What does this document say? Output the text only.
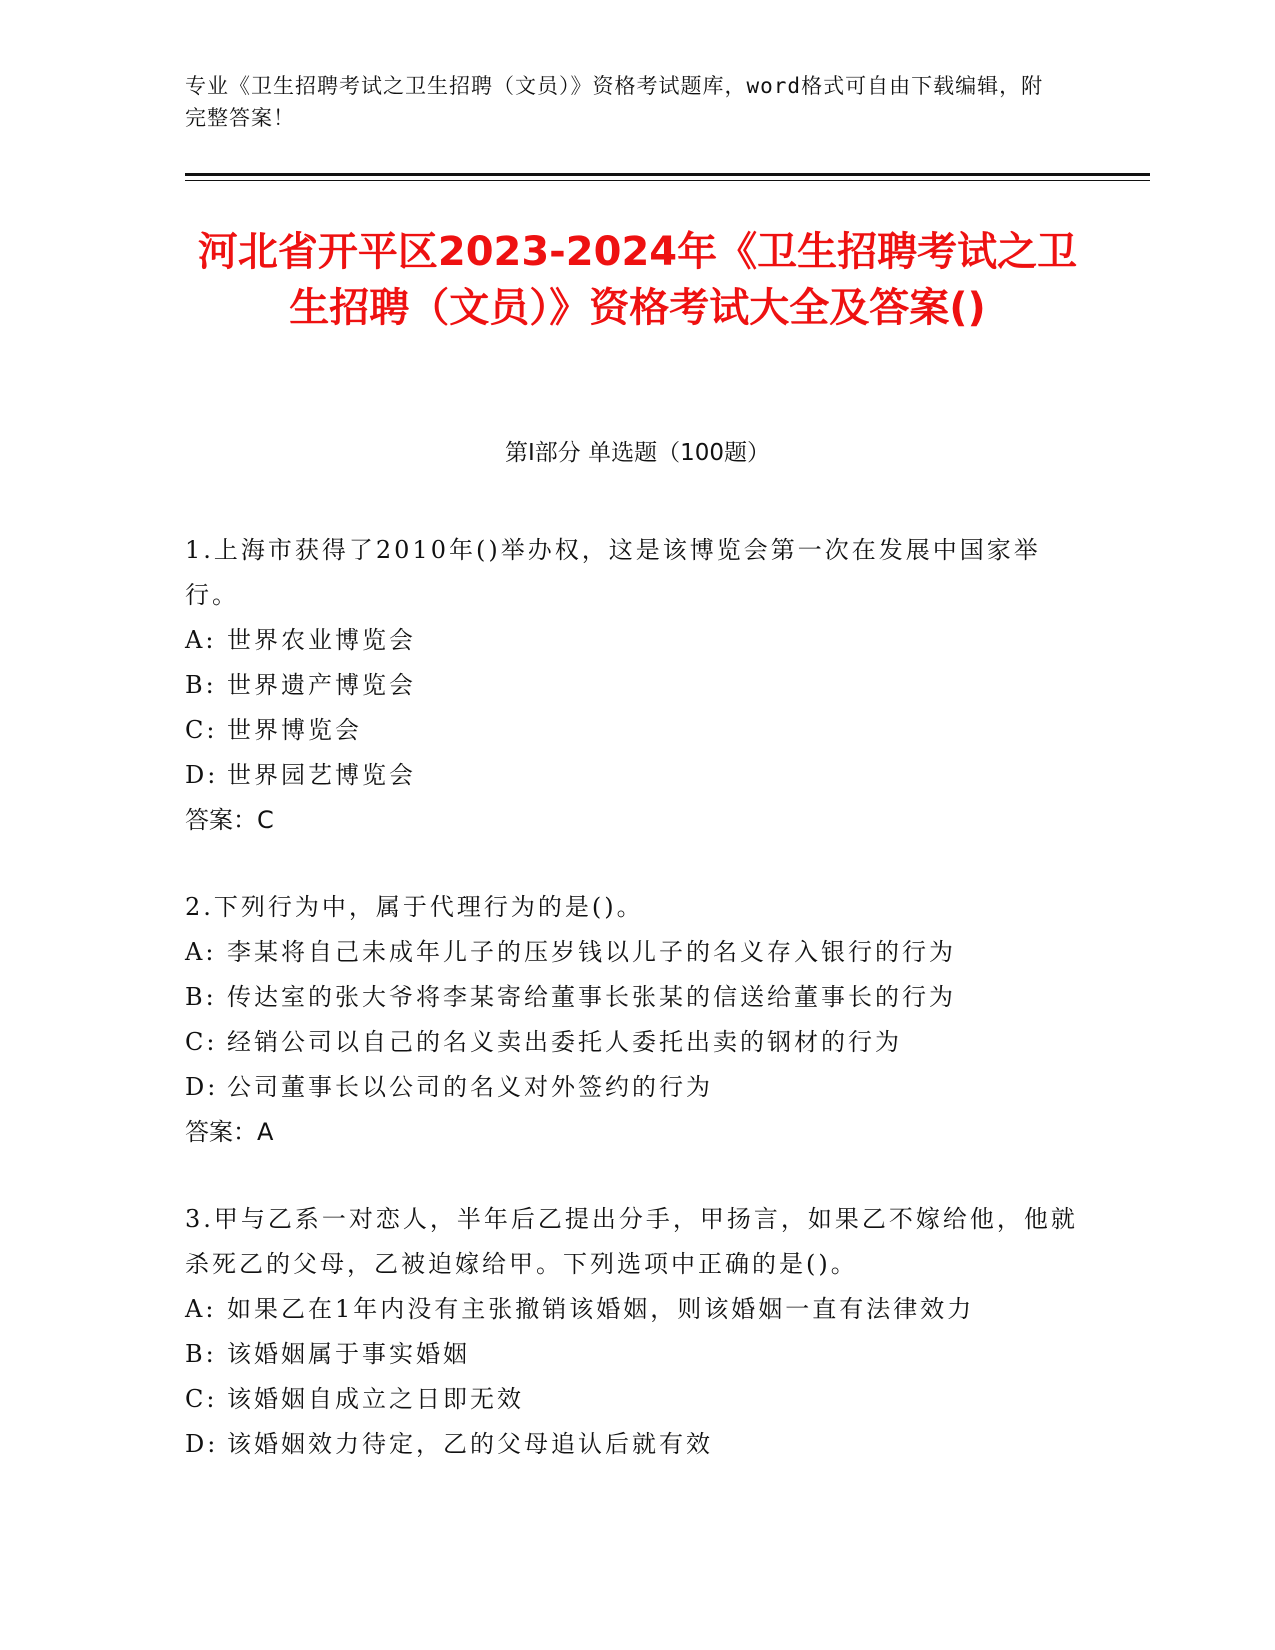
专业《卫生招聘考试之卫生招聘（文员）》资格考试题库，word格式可自由下载编辑，附完整答案！
河北省开平区2023-2024年《卫生招聘考试之卫生招聘（文员）》资格考试大全及答案()
第I部分 单选题（100题）
1.上海市获得了2010年()举办权，这是该博览会第一次在发展中国家举行。
A: 世界农业博览会
B: 世界遗产博览会
C: 世界博览会
D: 世界园艺博览会
答案：C
2.下列行为中，属于代理行为的是()。
A: 李某将自己未成年儿子的压岁钱以儿子的名义存入银行的行为
B: 传达室的张大爷将李某寄给董事长张某的信送给董事长的行为
C: 经销公司以自己的名义卖出委托人委托出卖的钢材的行为
D: 公司董事长以公司的名义对外签约的行为
答案：A
3.甲与乙系一对恋人，半年后乙提出分手，甲扬言，如果乙不嫁给他，他就杀死乙的父母，乙被迫嫁给甲。下列选项中正确的是()。
A: 如果乙在1年内没有主张撤销该婚姻，则该婚姻一直有法律效力
B: 该婚姻属于事实婚姻
C: 该婚姻自成立之日即无效
D: 该婚姻效力待定，乙的父母追认后就有效
